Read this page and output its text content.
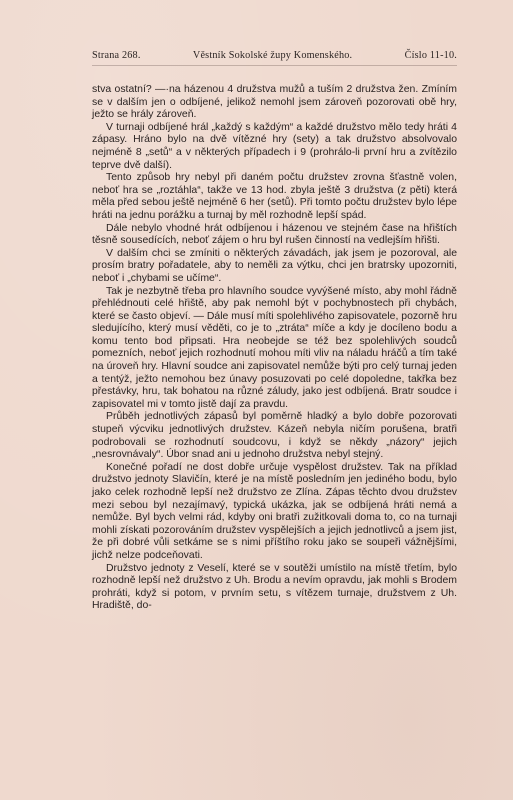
Strana 268.	Věstník Sokolské župy Komenského.	Číslo 11-10.

stva ostatní? —·na házenou 4 družstva mužů a tuším 2 družstva žen. Zmíním se v dalším jen o odbíjené, jelikož nemohl jsem zároveň pozorovati obě hry, ježto se hrály zároveň.

V turnaji odbíjené hrál „každý s každým“ a každé družstvo mělo tedy hráti 4 zápasy. Hráno bylo na dvě vítězné hry (sety) a tak družstvo absolvovalo nejméně 8 „setů“ a v některých případech i 9 (prohrálo-li první hru a zvítězilo teprve dvě další).

Tento způsob hry nebyl při daném počtu družstev zrovna šťastně volen, neboť hra se „roztáhla“, takže ve 13 hod. zbyla ještě 3 družstva (z pěti) která měla před sebou ještě nejméně 6 her (setů). Při tomto počtu družstev bylo lépe hráti na jednu porážku a turnaj by měl rozhodně lepší spád.

Dále nebylo vhodné hrát odbíjenou i házenou ve stejném čase na hřištích těsně sousedících, neboť zájem o hru byl rušen činností na vedlejším hřišti.

V dalším chci se zmíniti o některých závadách, jak jsem je pozoroval, ale prosím bratry pořadatele, aby to neměli za výtku, chci jen bratrsky upozorniti, neboť i „chybami se učíme“.

Tak je nezbytně třeba pro hlavního soudce vyvýšené místo, aby mohl řádně přehlédnouti celé hřiště, aby pak nemohl být v pochybnostech při chybách, které se často objeví. — Dále musí míti spolehlivého zapisovatele, pozorně hru sledujícího, který musí věděti, co je to „ztráta“ míče a kdy je docíleno bodu a komu tento bod připsati. Hra neobejde se též bez spolehlivých soudců pomezních, neboť jejich rozhodnutí mohou míti vliv na náladu hráčů a tím také na úroveň hry. Hlavní soudce ani zapisovatel nemůže býti pro celý turnaj jeden a tentýž, ježto nemohou bez únavy posuzovati po celé dopoledne, takřka bez přestávky, hru, tak bohatou na různé záludy, jako jest odbíjená. Bratr soudce i zapisovatel mi v tomto jistě dají za pravdu.

Průběh jednotlivých zápasů byl poměrně hladký a bylo dobře pozorovati stupeň výcviku jednotlivých družstev. Kázeň nebyla ničím porušena, bratři podrobovali se rozhodnutí soudcovu, i když se někdy „názory“ jejich „nesrovnávaly“. Úbor snad ani u jednoho družstva nebyl stejný.

Konečné pořadí ne dost dobře určuje vyspělost družstev. Tak na příklad družstvo jednoty Slavičín, které je na místě posledním jen jediného bodu, bylo jako celek rozhodně lepší než družstvo ze Zlína. Zápas těchto dvou družstev mezi sebou byl nezajímavý, typická ukázka, jak se odbíjená hráti nemá a nemůže. Byl bych velmi rád, kdyby oni bratři zužitkovali doma to, co na turnaji mohli získati pozorováním družstev vyspělejších a jejich jednotlivců a jsem jist, že při dobré vůli setkáme se s nimi příštího roku jako se soupeři vážnějšími, jichž nelze podceňovati.

Družstvo jednoty z Veselí, které se v soutěži umístilo na místě třetím, bylo rozhodně lepší než družstvo z Uh. Brodu a nevím opravdu, jak mohli s Brodem prohráti, když si potom, v prvním setu, s vítězem turnaje, družstvem z Uh. Hradiště, do-
